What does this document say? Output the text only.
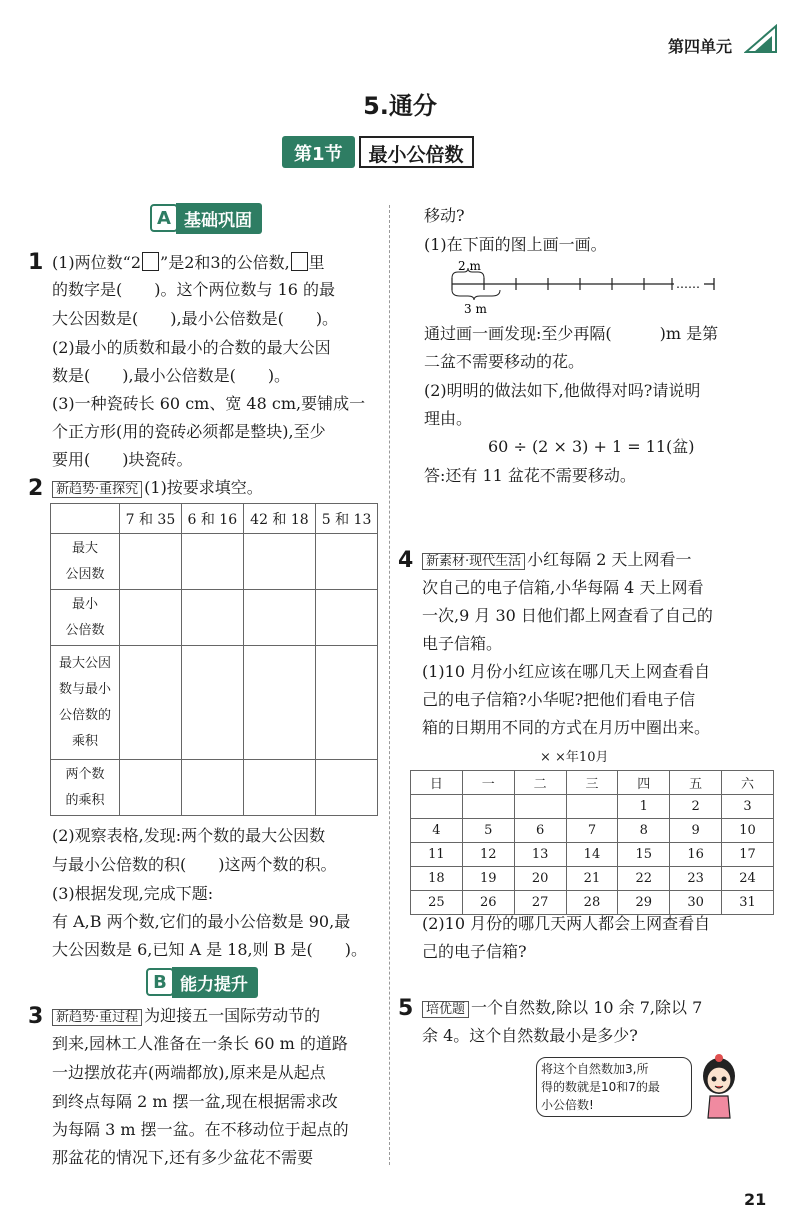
第四单元
5.通分
第1节	最小公倍数
A 基础巩固
1 (1)两位数“2 ”是2和3的公倍数, 里
的数字是(　　)。这个两位数与 16 的最
大公因数是(　　),最小公倍数是(　　)。
(2)最小的质数和最小的合数的最大公因
数是(　　),最小公倍数是(　　)。
(3)一种瓷砖长 60 cm、宽 48 cm,要铺成一
个正方形(用的瓷砖必须都是整块),至少
要用(　　)块瓷砖。
2 新趋势·重探究 (1)按要求填空。
	7 和 35	6 和 16	42 和 18	5 和 13

最大
公因数				

最小
公倍数				

最大公因
数与最小
公倍数的
乘积				

两个数
的乘积				

(2)观察表格,发现:两个数的最大公因数
与最小公倍数的积(　　)这两个数的积。
(3)根据发现,完成下题:
有 A,B 两个数,它们的最小公倍数是 90,最
大公因数是 6,已知 A 是 18,则 B 是(　　)。
B 能力提升
3 新趋势·重过程 为迎接五一国际劳动节的
到来,园林工人准备在一条长 60 m 的道路
一边摆放花卉(两端都放),原来是从起点
到终点每隔 2 m 摆一盆,现在根据需求改
为每隔 3 m 摆一盆。在不移动位于起点的
那盆花的情况下,还有多少盆花不需要
移动?
(1)在下面的图上画一画。
2 m
……
3 m
通过画一画发现:至少再隔(　　　)m 是第
二盆不需要移动的花。
(2)明明的做法如下,他做得对吗?请说明
理由。
60 ÷ (2 × 3) + 1 = 11(盆)
答:还有 11 盆花不需要移动。
4 新素材·现代生活 小红每隔 2 天上网看一
次自己的电子信箱,小华每隔 4 天上网看
一次,9 月 30 日他们都上网查看了自己的
电子信箱。
(1)10 月份小红应该在哪几天上网查看自
己的电子信箱?小华呢?把他们看电子信
箱的日期用不同的方式在月历中圈出来。
× ×年10月
日	一	二	三	四	五	六
				1	2	3
4	5	6	7	8	9	10
11	12	13	14	15	16	17
18	19	20	21	22	23	24
25	26	27	28	29	30	31
(2)10 月份的哪几天两人都会上网查看自
己的电子信箱?
5 培优题 一个自然数,除以 10 余 7,除以 7
余 4。这个自然数最小是多少?
将这个自然数加3,所
得的数就是10和7的最
小公倍数!
21
